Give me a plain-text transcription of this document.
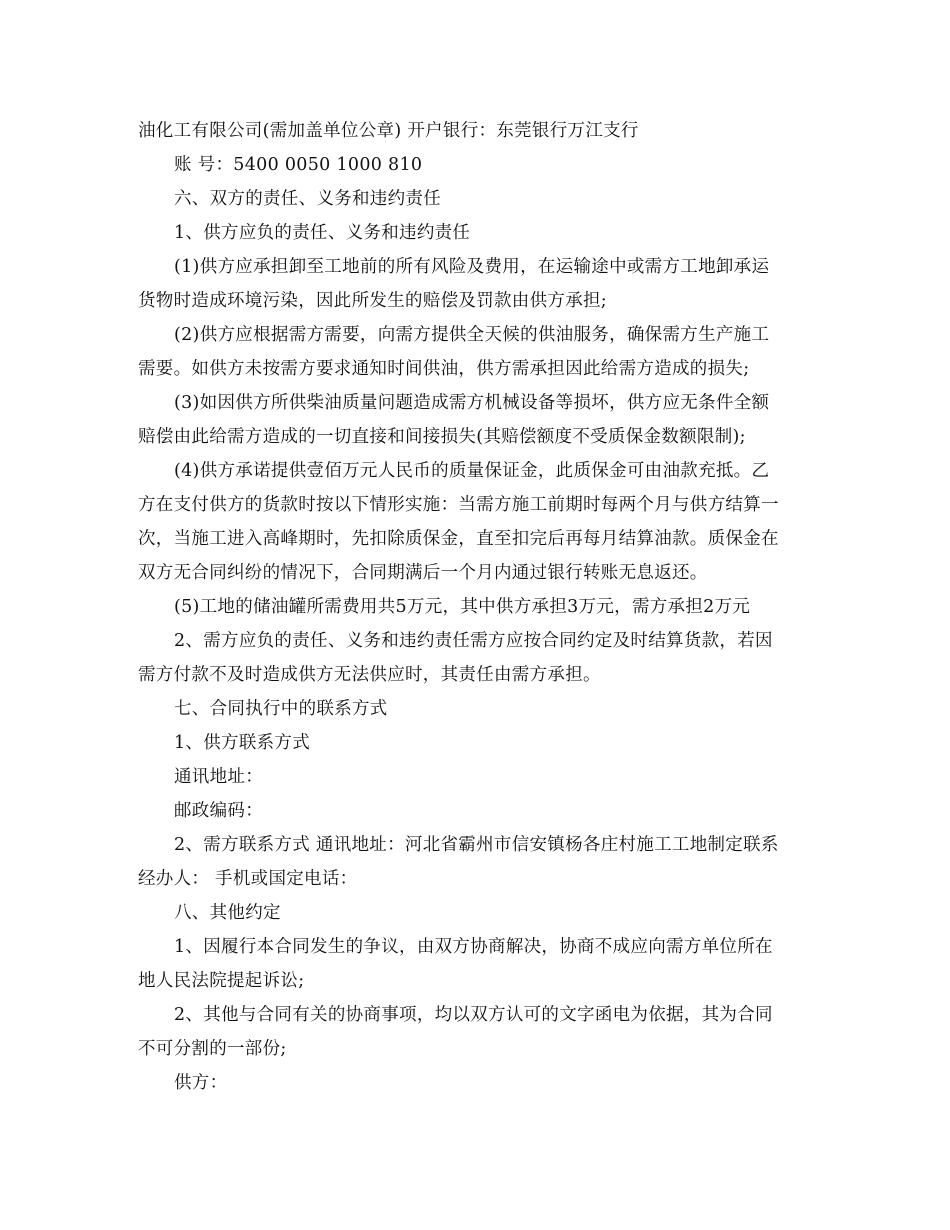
油化工有限公司(需加盖单位公章) 开户银行：东莞银行万江支行
账 号：5400 0050 1000 810
六、双方的责任、义务和违约责任
1、供方应负的责任、义务和违约责任
(1)供方应承担卸至工地前的所有风险及费用，在运输途中或需方工地卸承运
货物时造成环境污染，因此所发生的赔偿及罚款由供方承担;
(2)供方应根据需方需要，向需方提供全天候的供油服务，确保需方生产施工
需要。如供方未按需方要求通知时间供油，供方需承担因此给需方造成的损失;
(3)如因供方所供柴油质量问题造成需方机械设备等损坏，供方应无条件全额
赔偿由此给需方造成的一切直接和间接损失(其赔偿额度不受质保金数额限制);
(4)供方承诺提供壹佰万元人民币的质量保证金，此质保金可由油款充抵。乙
方在支付供方的货款时按以下情形实施：当需方施工前期时每两个月与供方结算一
次，当施工进入高峰期时，先扣除质保金，直至扣完后再每月结算油款。质保金在
双方无合同纠纷的情况下，合同期满后一个月内通过银行转账无息返还。
(5)工地的储油罐所需费用共5万元，其中供方承担3万元，需方承担2万元
2、需方应负的责任、义务和违约责任需方应按合同约定及时结算货款，若因
需方付款不及时造成供方无法供应时，其责任由需方承担。
七、合同执行中的联系方式
1、供方联系方式
通讯地址：
邮政编码：
2、需方联系方式 通讯地址：河北省霸州市信安镇杨各庄村施工工地制定联系
经办人： 手机或国定电话：
八、其他约定
1、因履行本合同发生的争议，由双方协商解决，协商不成应向需方单位所在
地人民法院提起诉讼;
2、其他与合同有关的协商事项，均以双方认可的文字函电为依据，其为合同
不可分割的一部份;
供方：
